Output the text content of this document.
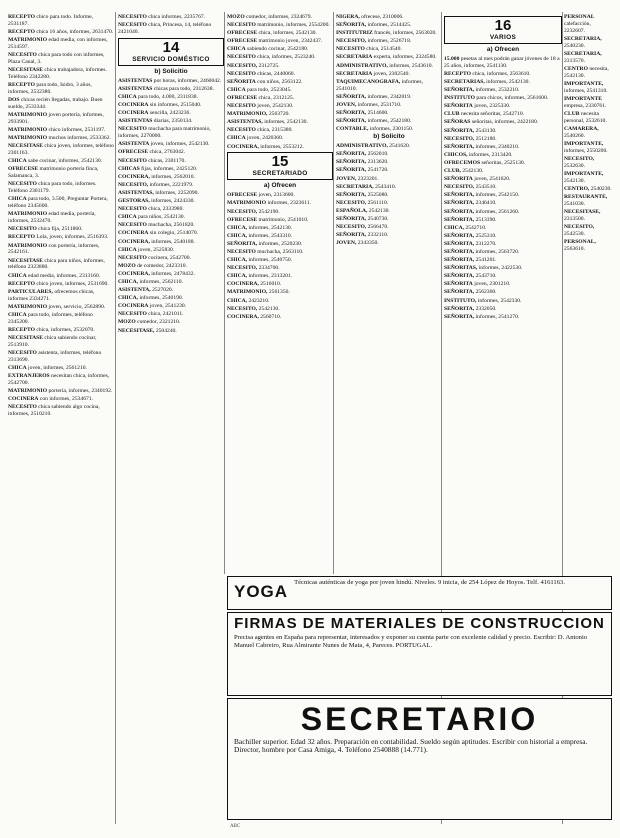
RECEPTO chico para todo. Informe, 2531187.

RECEPTO chica 16 años, informes, 2631470.

MATRIMONIO edad media, con informes, 2514597.

NECESITO chica para todo con informes, Plaza Canal, 3.

NECESITASE chica trabajadora, informes. Teléfono 2342280.

RECEPTO para todo, Isidro, 3 años, informes, 2532380.

DOS chicas recién llegadas, trabajo. Buen sueldo, 2533344.

MATRIMONIO joven portería, informes, 2933901.

MATRIMONIO chico informes, 2531197.

MATRIMONIO muchos informes, 2533362.

NECESITASE chica joven, informes, teléfono 2301163.

CHICA sabe cocinar, informes, 2542130.

OFRECESE matrimonio portería finca, Salamanca, 3.

NECESITO chica para todo, informes. Teléfono 2301179.

CHICA para todo, 3.500, Preguntar Portera, teléfono 2345600.

MATRIMONIO edad media, portería, informes, 2532470.

NECESITO chica fija, 2511860.

RECEPTO Lola, joven, informes, 2516393.

MATRIMONIO con portería, informes, 2542161.

NECESITASE chica para niños, informes, teléfono 2323880.

CHICA edad media, informes, 2313160.

RECEPTO chico joven, informes, 2531690.

PARTICULARES, ofrecemos chicas, informes 2334271.

MATRIMONIO joven, servicio, 2562890.

CHICA para todo, informes, teléfono 2345200.

RECEPTO chica, informes, 2532070.

NECESITASE chica sabiendo cocinar, 2513910.

NECESITO asistenta, informes, teléfono 2313690.

CHICA joven, informes, 2561210.

EXTRANJEROS necesitan chica, informes, 2542700.

MATRIMONIO portería, informes, 2340192.

COCINERA con informes, 2534671.

NECESITO chica sabiendo algo cocina, informes, 2510210.

NECESITO chica informes, 2235767.

NECESITO chica, Princesa, 14, teléfono 2421040.

14
SERVICIO DOMÉSTICO
b) Solicitio

ASISTENTAS por horas, informes, 2460042.

ASISTENTAS chicas para todo, 2312638.

CHICA para todo, 4.000, 2311838.

COCINERA sin informes, 2515040.

COCINERA sencilla, 2423236.

ASISTENTAS diarias, 2350134.

NECESITO muchacha para matrimonio, informes, 2270000.

ASISTENTA joven, informes, 2542130.

OFRECESE chica, 2763042.

NECESITO chicas, 2301170.

CHICAS fijas, informes, 2425120.

COCINERA, informes, 2562010.

NECESITO, informes, 2221979.

ASISTENTAS, informes, 2252090.

GESTORAS, informes, 2424330.

NECESITO chica, 2333980.

CHICA para niños, 2542130.

NECESITO muchacha, 2561820.

COCINERA sin colegio, 2514070.

COCINERA, informes, 2540188.

CHICA joven, 2525830.

NECESITO cocinera, 2542700.

MOZO de comedor, 2423310.

COCINERA, informes, 2478432.

CHICA, informes, 2562110.

ASISTENTA, 2527020.

CHICA, informes, 2540190.

COCINERA joven, 2541230.

NECESITO chica, 2421011.

MOZO comedor, 2321210.

NECESITASE, 2504240.

MOZO comedor, informes, 2324679.

NECESITO matrimonio, informes, 2554200.

OFRECESE chica, informes, 2542130.

OFRECESE matrimonio joven, 2342437.

CHICA sabiendo cocinar, 2542180.

NECESITO chica, informes, 2523240.

NECESITO, 2312725.

NECESITO chicas, 2440060.

SEÑORITA con niños, 2563122.

CHICA para todo, 2523045.

OFRECESE chica, 2312125.

NECESITO joven, 2542130.

MATRIMONIO, 2563720.

ASISTENTAS, informes, 2542130.

NECESITO chica, 2315380.

CHICA joven, 2420360.

COCINERA, informes, 2553212.

15
SECRETARIADO
a) Ofrecen

OFRECESE joven, 2313600.

MATRIMONIO informes, 2323611.

NECESITO, 2542190.

OFRECESE matrimonio, 2541010.

CHICA, informes, 2542130.

CHICA, informes, 2543310.

SEÑORITA, informes, 2520230.

NECESITO muchacha, 2563110.

CHICA, informes, 2540750.

NECESITO, 2334700.

CHICA, informes, 2313201.

COCINERA, 2516010.

MATRIMONIO, 2561350.

CHICA, 2423210.

NECESITO, 2542130.

COCINERA, 2560710.

NIGERA, ofrecese, 2310006.

SEÑORITA, informes, 2514425.

INSTITUTRIZ francés, informes, 2563020.

NECESITO, informes, 2526718.

NECESITO chica, 2514540.

SECRETARIA experta, informes, 2324580.

ADMINISTRATIVO, informes, 2543610.

SECRETARIA joven, 2302540.

TAQUIMECANOGRAFA, informes, 2541010.

SEÑORITA, informes, 2342019.

JOVEN, informes, 2531710.

SEÑORITA, 2514600.

SEÑORITA, informes, 2542180.

CONTABLE, informes, 2301150.

b) Solicito

ADMINISTRATIVO, 2541620.

SEÑORITA, 2562010.

SEÑORITA, 2313620.

SEÑORITA, 2541720.

JOVEN, 2323201.

SECRETARIA, 2543410.

SEÑORITA, 2525080.

NECESITO, 2561110.

ESPAÑOLA, 2542130.

SEÑORITA, 2540730.

NECESITO, 2566470.

SEÑORITA, 2332110.

JOVEN, 2343350.

16
VARIOS
a) Ofrecen

15.000 pesetas al mes podrán ganar jóvenes de 18 a 25 años, informes, 2541130.

RECEPTO chica, informes, 2563610.

SECRETARIAS, informes, 2542130.

SEÑORITA, informes, 2532210.

INSTITUTO para chicos, informes, 2561600.

SEÑORITA joven, 2325330.

CLUB necesita señoritas, 2542710.

SEÑORAS señoritas, informes, 2422180.

SEÑORITA, 2543130.

NECESITO, 2512180.

SEÑORITA, informes, 2340210.

CHICOS, informes, 2313420.

OFRECEMOS señoritas, 2525130.

CLUB, 2542130.

SEÑORITA joven, 2541620.

NECESITO, 2543510.

SEÑORITA, informes, 2542150.

SEÑORITA, 2346410.

SEÑORITA, informes, 2561260.

SEÑORITA, 2513390.

CHICA, 2542710.

SEÑORITA, 2525310.

SEÑORITA, 2312270.

SEÑORITA, informes, 2563720.

SEÑORITA, 2541201.

SEÑORITAS, informes, 2422530.

SEÑORITA, 2543710.

SEÑORITA joven, 2301210.

SEÑORITA, 2562360.

INSTITUTO, informes, 2542330.

SEÑORITA, 2332050.

SEÑORITA, informes, 2541270.

PERSONAL calefacción, 2232607.

SECRETARIA, 2540230.

SECRETARIA, 2313570.

CENTRO necesita, 2542130.

IMPORTANTE, informes, 2541310.

IMPORTANTE empresa, 2330761.

CLUB necesita personal, 2532610.

CAMARERA, 2540260.

IMPORTANTE, informes, 2550200.

NECESITO, 2532630.

IMPORTANTE, 2542130.

CENTRO, 2540230.

RESTAURANTE, 2541030.

NECESITASE, 2313500.

NECESITO, 2542530.

PERSONAL, 2563610.

YOGA Técnicas auténticas de yoga por joven hindú. Niveles. 9 inicia, de 254 López de Hoyos. Telf. 4161163.
FIRMAS DE MATERIALES DE CONSTRUCCION
Precisa agentes en España para representar, interesados y exponer su cuenta parte con excelente calidad y precio. Escribir: D. Antonio Manuel Cabreiro, Rua Almirante Nunes de Mata, 4, Pareces. PORTUGAL.
SECRETARIO
Bachiller superior. Edad 32 años. Preparación en contabilidad. Sueldo según aptitudes. Escribir con historial a empresa. Director, hombre por Casa Amiga, 4. Teléfono 2540888 (14.771).
ABC
